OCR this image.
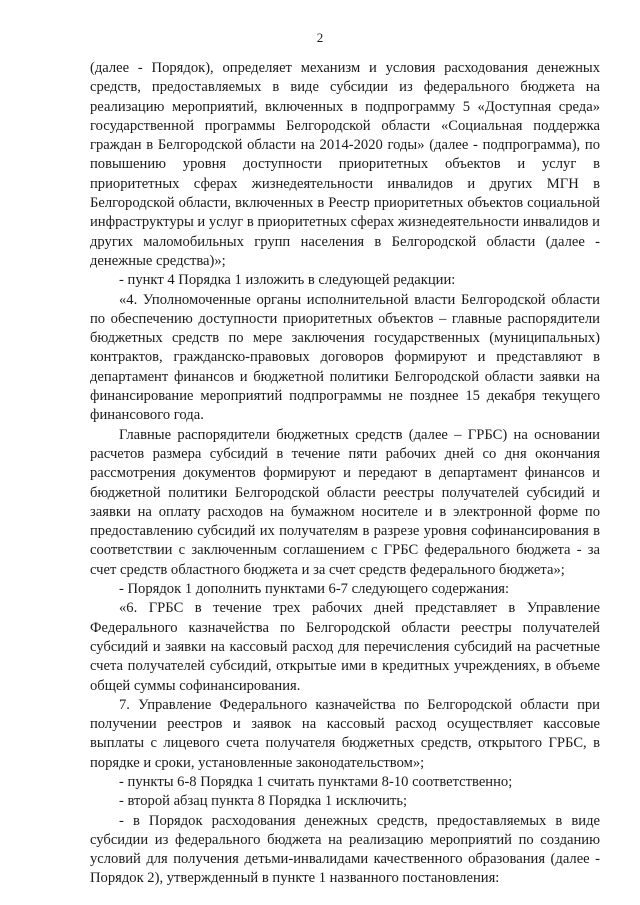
2

(далее - Порядок), определяет механизм и условия расходования денежных средств, предоставляемых в виде субсидии из федерального бюджета на реализацию мероприятий, включенных в подпрограмму 5 «Доступная среда» государственной программы Белгородской области «Социальная поддержка граждан в Белгородской области на 2014-2020 годы» (далее - подпрограмма), по повышению уровня доступности приоритетных объектов и услуг в приоритетных сферах жизнедеятельности инвалидов и других МГН в Белгородской области, включенных в Реестр приоритетных объектов социальной инфраструктуры и услуг в приоритетных сферах жизнедеятельности инвалидов и других маломобильных групп населения в Белгородской области (далее - денежные средства)»;

- пункт 4 Порядка 1 изложить в следующей редакции:

«4. Уполномоченные органы исполнительной власти Белгородской области по обеспечению доступности приоритетных объектов – главные распорядители бюджетных средств по мере заключения государственных (муниципальных) контрактов, гражданско-правовых договоров формируют и представляют в департамент финансов и бюджетной политики Белгородской области заявки на финансирование мероприятий подпрограммы не позднее 15 декабря текущего финансового года.

Главные распорядители бюджетных средств (далее – ГРБС) на основании расчетов размера субсидий в течение пяти рабочих дней со дня окончания рассмотрения документов формируют и передают в департамент финансов и бюджетной политики Белгородской области реестры получателей субсидий и заявки на оплату расходов на бумажном носителе и в электронной форме по предоставлению субсидий их получателям в разрезе уровня софинансирования в соответствии с заключенным соглашением с ГРБС федерального бюджета - за счет средств областного бюджета и за счет средств федерального бюджета»;

- Порядок 1 дополнить пунктами 6-7 следующего содержания:

«6. ГРБС в течение трех рабочих дней представляет в Управление Федерального казначейства по Белгородской области реестры получателей субсидий и заявки на кассовый расход для перечисления субсидий на расчетные счета получателей субсидий, открытые ими в кредитных учреждениях, в объеме общей суммы софинансирования.

7. Управление Федерального казначейства по Белгородской области при получении реестров и заявок на кассовый расход осуществляет кассовые выплаты с лицевого счета получателя бюджетных средств, открытого ГРБС, в порядке и сроки, установленные законодательством»;

- пункты 6-8 Порядка 1 считать пунктами 8-10 соответственно;

- второй абзац пункта 8 Порядка 1 исключить;

- в Порядок расходования денежных средств, предоставляемых в виде субсидии из федерального бюджета на реализацию мероприятий по созданию условий для получения детьми-инвалидами качественного образования (далее - Порядок 2), утвержденный в пункте 1 названного постановления:
